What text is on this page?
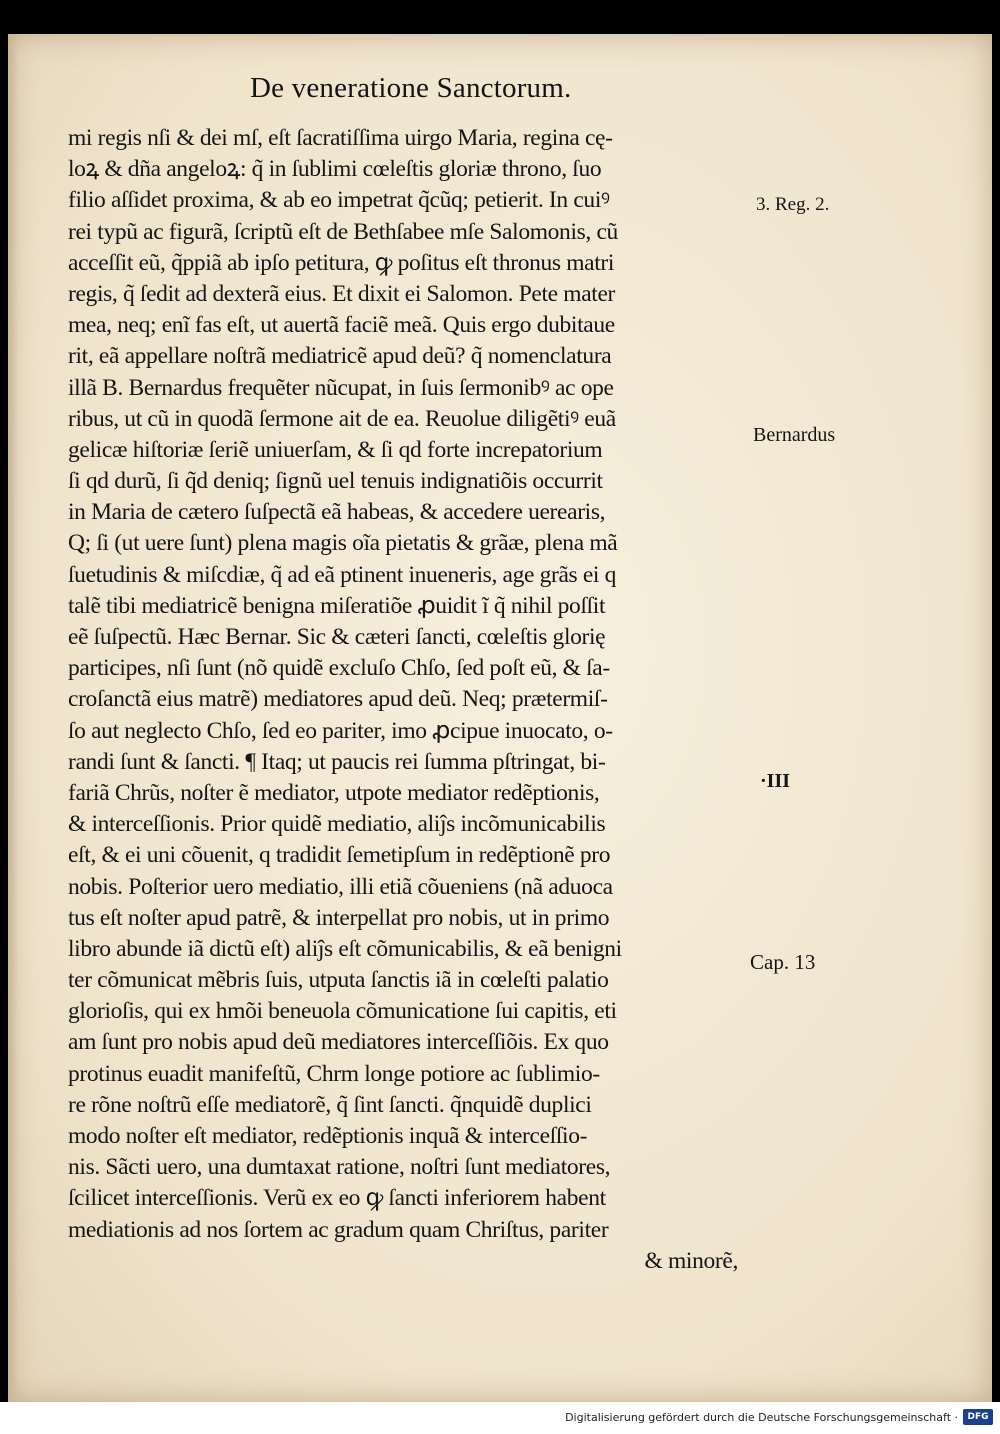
De veneratione Sanctorum.
mi regis nſi & dei mſ, eſt ſacratiſſima uirgo Maria, regina cę-
loꝝ & dña angeloꝝ: q̃ in ſublimi cœleſtis gloriæ throno, ſuo
filio aſſidet proxima, & ab eo impetrat q̃cũq; petierit. In cuiꝰ
rei typũ ac figurã, ſcriptũ eſt de Bethſabee mſe Salomonis, cũ
acceſſit eũ, q̃ppiã ab ipſo petitura, ꝙ poſitus eſt thronus matri
regis, q̃ ſedit ad dexterã eius. Et dixit ei Salomon. Pete mater
mea, neq; enĩ fas eſt, ut auertã faciẽ meã. Quis ergo dubitaue
rit, eã appellare noſtrã mediatricẽ apud deũ? q̃ nomenclatura
illã B. Bernardus frequẽter nũcupat, in ſuis ſermonibꝰ ac ope
ribus, ut cũ in quodã ſermone ait de ea. Reuolue diligẽtiꝰ euã
gelicæ hiſtoriæ ſeriẽ uniuerſam, & ſi qd forte increpatorium
ſi qd durũ, ſi q̃d deniq; ſignũ uel tenuis indignatiõis occurrit
in Maria de cætero ſuſpectã eã habeas, & accedere uerearis,
Q; ſi (ut uere ſunt) plena magis oĩa pietatis & grãæ, plena mã
ſuetudinis & miſcdiæ, q̃ ad eã ptinent inueneris, age grãs ei q
talẽ tibi mediatricẽ benigna miſeratiõe ꝓuidit ĩ q̃ nihil poſſit
eẽ ſuſpectũ. Hæc Bernar. Sic & cæteri ſancti, cœleſtis glorię
participes, nſi ſunt (nõ quidẽ excluſo Chſo, ſed poſt eũ, & ſa-
croſanctã eius matrẽ) mediatores apud deũ. Neq; prætermiſ-
ſo aut neglecto Chſo, ſed eo pariter, imo ꝓcipue inuocato, o-
randi ſunt & ſancti. ¶ Itaq; ut paucis rei ſumma pſtringat, bi-
fariã Chrũs, noſter ẽ mediator, utpote mediator redẽptionis,
& interceſſionis. Prior quidẽ mediatio, aliĵs incõmunicabilis
eſt, & ei uni cõuenit, q tradidit ſemetipſum in redẽptionẽ pro
nobis. Poſterior uero mediatio, illi etiã cõueniens (nã aduoca
tus eſt noſter apud patrẽ, & interpellat pro nobis, ut in primo
libro abunde iã dictũ eſt) aliĵs eſt cõmunicabilis, & eã benigni
ter cõmunicat mẽbris ſuis, utputa ſanctis iã in cœleſti palatio
glorioſis, qui ex hmõi beneuola cõmunicatione ſui capitis, eti
am ſunt pro nobis apud deũ mediatores interceſſiõis. Ex quo
protinus euadit manifeſtũ, Chrm longe potiore ac ſublimio-
re rõne noſtrũ eſſe mediatorẽ, q̃ ſint ſancti. q̃nquidẽ duplici
modo noſter eſt mediator, redẽptionis inquã & interceſſio-
nis. Sãcti uero, una dumtaxat ratione, noſtri ſunt mediatores,
ſcilicet interceſſionis. Verũ ex eo ꝙ ſancti inferiorem habent
mediationis ad nos ſortem ac gradum quam Chriſtus, pariter
& minorẽ,
3. Reg. 2.
Bernardus
·III
Cap. 13
Digitalisierung gefördert durch die Deutsche Forschungsgemeinschaft ·	DFG
